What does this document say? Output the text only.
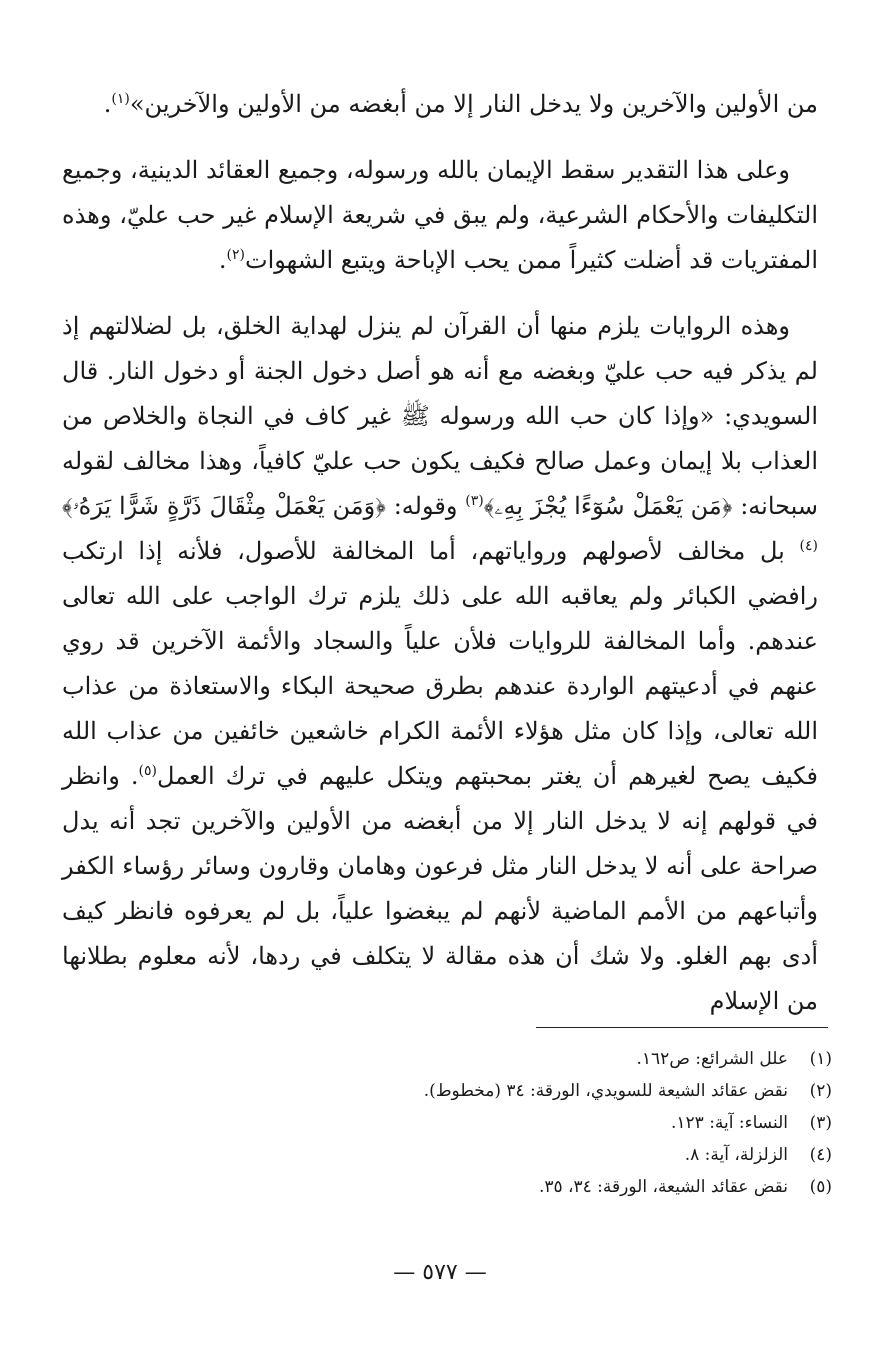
من الأولين والآخرين ولا يدخل النار إلا من أبغضه من الأولين والآخرين»$^{(١)}$.

وعلى هذا التقدير سقط الإيمان بالله ورسوله، وجميع العقائد الدينية، وجميع التكليفات والأحكام الشرعية، ولم يبق في شريعة الإسلام غير حب عليّ، وهذه المفتريات قد أضلت كثيراً ممن يحب الإباحة ويتبع الشهوات$^{(٢)}$.

وهذه الروايات يلزم منها أن القرآن لم ينزل لهداية الخلق، بل لضلالتهم إذ لم يذكر فيه حب عليّ وبغضه مع أنه هو أصل دخول الجنة أو دخول النار. قال السويدي: «وإذا كان حب الله ورسوله ﷺ غير كاف في النجاة والخلاص من العذاب بلا إيمان وعمل صالح فكيف يكون حب عليّ كافياً، وهذا مخالف لقوله سبحانه: ﴿مَن يَعْمَلْ سُوٓءًا يُجْزَ بِهِۦ﴾$^{(٣)}$ وقوله: ﴿وَمَن يَعْمَلْ مِثْقَالَ ذَرَّةٍ شَرًّا يَرَهُۥ﴾$^{(٤)}$ بل مخالف لأصولهم ورواياتهم، أما المخالفة للأصول، فلأنه إذا ارتكب رافضي الكبائر ولم يعاقبه الله على ذلك يلزم ترك الواجب على الله تعالى عندهم. وأما المخالفة للروايات فلأن علياً والسجاد والأئمة الآخرين قد روي عنهم في أدعيتهم الواردة عندهم بطرق صحيحة البكاء والاستعاذة من عذاب الله تعالى، وإذا كان مثل هؤلاء الأئمة الكرام خاشعين خائفين من عذاب الله فكيف يصح لغيرهم أن يغتر بمحبتهم ويتكل عليهم في ترك العمل$^{(٥)}$. وانظر في قولهم إنه لا يدخل النار إلا من أبغضه من الأولين والآخرين تجد أنه يدل صراحة على أنه لا يدخل النار مثل فرعون وهامان وقارون وسائر رؤساء الكفر وأتباعهم من الأمم الماضية لأنهم لم يبغضوا علياً، بل لم يعرفوه فانظر كيف أدى بهم الغلو. ولا شك أن هذه مقالة لا يتكلف في ردها، لأنه معلوم بطلانها من الإسلام

(١)
علل الشرائع: ص١٦٢.
(٢)
نقض عقائد الشيعة للسويدي، الورقة: ٣٤ (مخطوط).
(٣)
النساء: آية: ١٢٣.
(٤)
الزلزلة، آية: ٨.
(٥)
نقض عقائد الشيعة، الورقة: ٣٤، ٣٥.
— ٥٧٧ —
